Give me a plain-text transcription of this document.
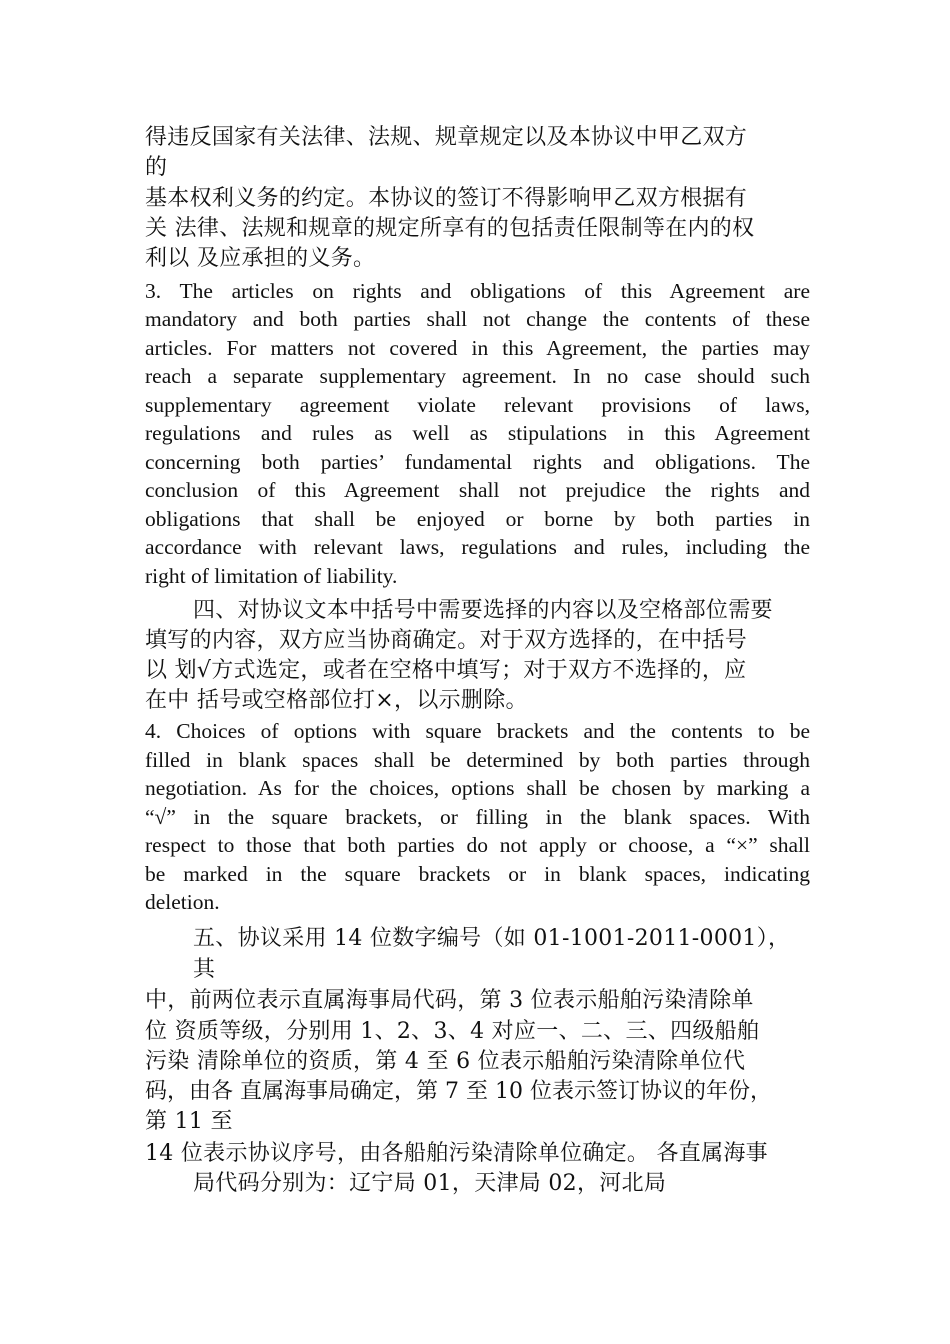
得违反国家有关法律、法规、规章规定以及本协议中甲乙双方
的
基本权利义务的约定。本协议的签订不得影响甲乙双方根据有
关 法律、法规和规章的规定所享有的包括责任限制等在内的权
利以 及应承担的义务。
3. The articles on rights and obligations of this Agreement are
mandatory and both parties shall not change the contents of these
articles. For matters not covered in this Agreement, the parties may
reach a separate supplementary agreement. In no case should such
supplementary agreement violate relevant provisions of laws,
regulations and rules as well as stipulations in this Agreement
concerning both parties’ fundamental rights and obligations. The
conclusion of this Agreement shall not prejudice the rights and
obligations that shall be enjoyed or borne by both parties in
accordance with relevant laws, regulations and rules, including the
right of limitation of liability.
四、对协议文本中括号中需要选择的内容以及空格部位需要
填写的内容，双方应当协商确定。对于双方选择的，在中括号
以 划√方式选定，或者在空格中填写；对于双方不选择的，应
在中 括号或空格部位打×，以示删除。
4. Choices of options with square brackets and the contents to be
filled in blank spaces shall be determined by both parties through
negotiation. As for the choices, options shall be chosen by marking a
“√” in the square brackets, or filling in the blank spaces. With
respect to those that both parties do not apply or choose, a “×” shall
be marked in the square brackets or in blank spaces, indicating
deletion.
五、协议采用 14 位数字编号（如 01-1001-2011-0001），
其
中，前两位表示直属海事局代码，第 3 位表示船舶污染清除单
位 资质等级，分别用 1、2、3、4 对应一、二、三、四级船舶
污染 清除单位的资质，第 4 至 6 位表示船舶污染清除单位代
码，由各 直属海事局确定，第 7 至 10 位表示签订协议的年份，
第 11 至
14 位表示协议序号，由各船舶污染清除单位确定。 各直属海事
局代码分别为：辽宁局 01，天津局 02，河北局
